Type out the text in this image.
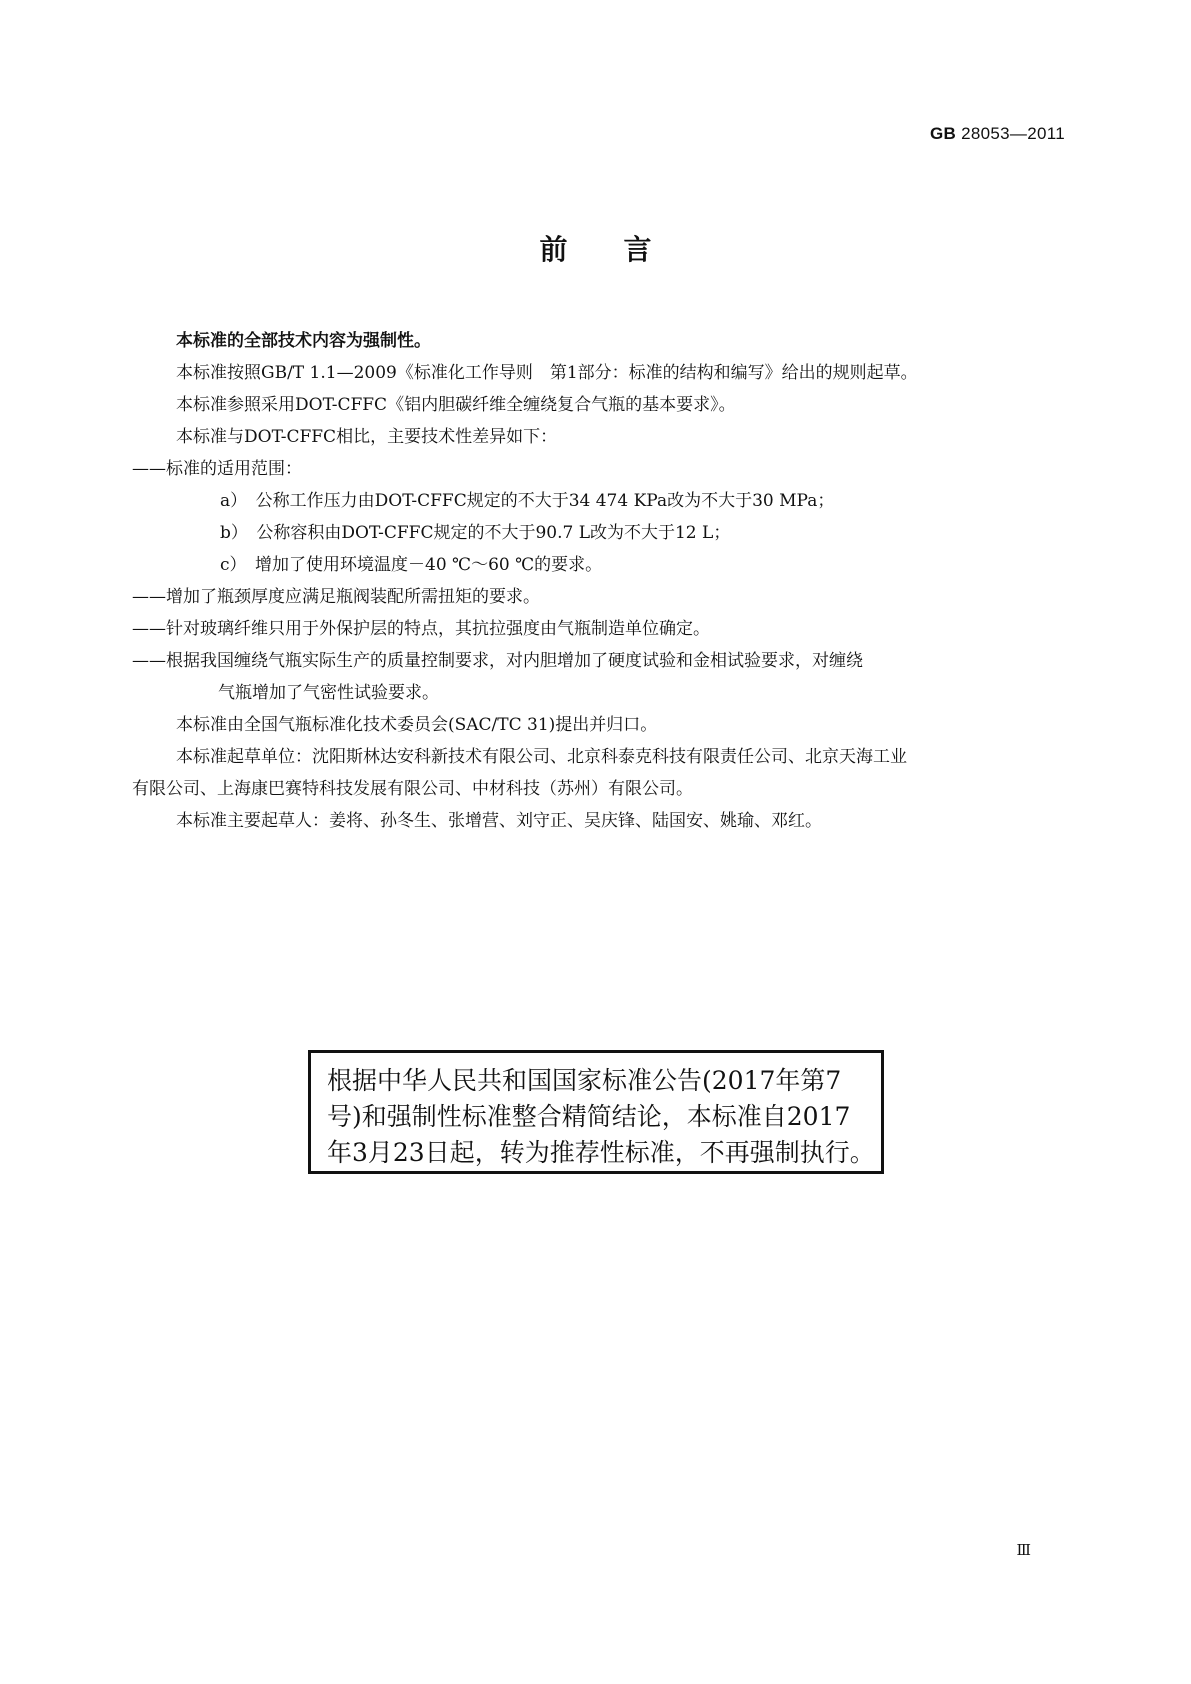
GB 28053—2011
前言
本标准的全部技术内容为强制性。
本标准按照GB/T 1.1—2009《标准化工作导则　第1部分：标准的结构和编写》给出的规则起草。
本标准参照采用DOT-CFFC《铝内胆碳纤维全缠绕复合气瓶的基本要求》。
本标准与DOT-CFFC相比，主要技术性差异如下：
——标准的适用范围：
a）　公称工作压力由DOT-CFFC规定的不大于34 474 KPa改为不大于30 MPa；
b）　公称容积由DOT-CFFC规定的不大于90.7 L改为不大于12 L；
c）　增加了使用环境温度－40 ℃～60 ℃的要求。
——增加了瓶颈厚度应满足瓶阀装配所需扭矩的要求。
——针对玻璃纤维只用于外保护层的特点，其抗拉强度由气瓶制造单位确定。
——根据我国缠绕气瓶实际生产的质量控制要求，对内胆增加了硬度试验和金相试验要求，对缠绕
气瓶增加了气密性试验要求。
本标准由全国气瓶标准化技术委员会(SAC/TC 31)提出并归口。
本标准起草单位：沈阳斯林达安科新技术有限公司、北京科泰克科技有限责任公司、北京天海工业
有限公司、上海康巴赛特科技发展有限公司、中材科技（苏州）有限公司。
本标准主要起草人：姜将、孙冬生、张增营、刘守正、吴庆锋、陆国安、姚瑜、邓红。
根据中华人民共和国国家标准公告(2017年第7
号)和强制性标准整合精简结论，本标准自2017
年3月23日起，转为推荐性标准，不再强制执行。
Ⅲ
